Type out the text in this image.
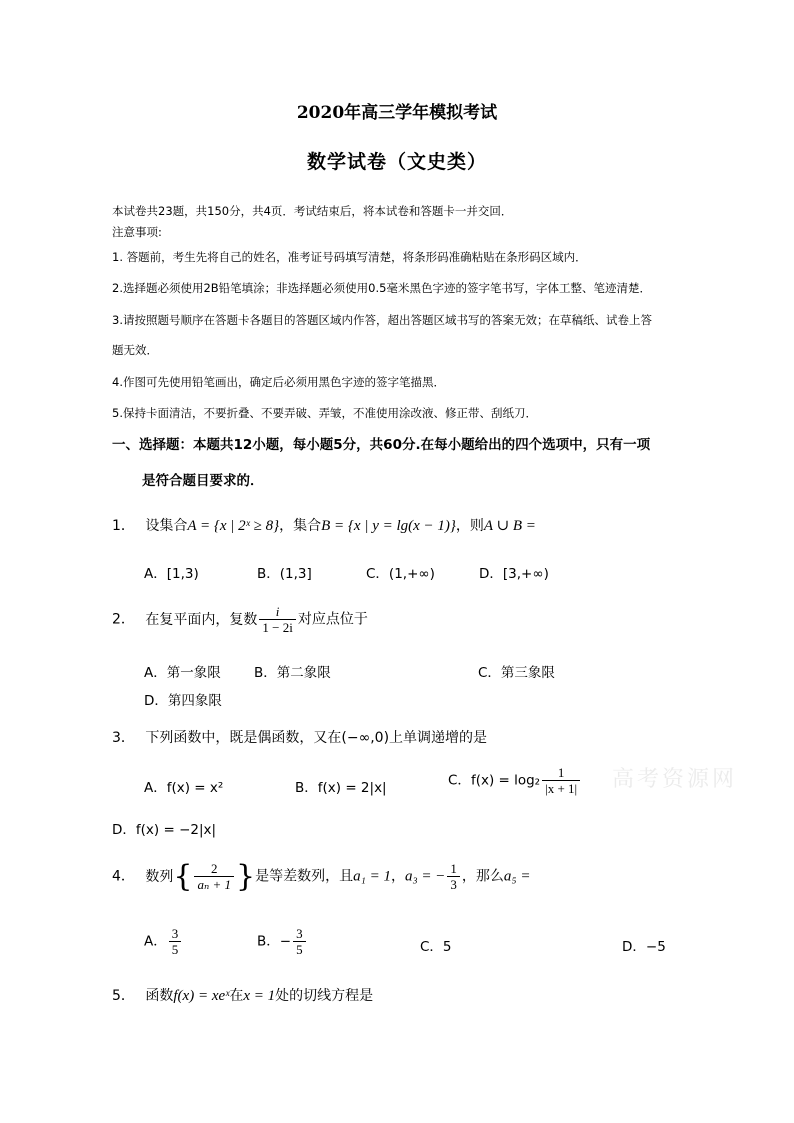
2020年高三学年模拟考试
数学试卷（文史类）
本试卷共23题，共150分，共4页．考试结束后，将本试卷和答题卡一并交回．
注意事项:
1. 答题前，考生先将自己的姓名，准考证号码填写清楚，将条形码准确粘贴在条形码区域内．
2.选择题必须使用2B铅笔填涂；非选择题必须使用0.5毫米黑色字迹的签字笔书写，字体工整、笔迹清楚．
3.请按照题号顺序在答题卡各题目的答题区域内作答，超出答题区域书写的答案无效；在草稿纸、试卷上答
题无效．
4.作图可先使用铅笔画出，确定后必须用黑色字迹的签字笔描黑．
5.保持卡面清洁，不要折叠、不要弄破、弄皱，不准使用涂改液、修正带、刮纸刀．
一、选择题：本题共12小题，每小题5分，共60分.在每小题给出的四个选项中，只有一项
是符合题目要求的．
1． 设集合A = {x | 2ˣ ≥ 8}，集合B = {x | y = lg(x − 1)}，则A ∪ B =
A．[1,3)	B．(1,3]	C．(1,+∞)	D．[3,+∞)
2． 在复平面内，复数 $\frac{i}{1 - 2i}$ 对应点位于
A．第一象限 B．第二象限	C．第三象限
D．第四象限
3． 下列函数中，既是偶函数，又在(−∞,0)上单调递增的是
A．f(x) = x²	B．f(x) = 2|x|	C．$f(x) = \log_2 \frac{1}{|x + 1|}$
D．f(x) = −2|x|
4． 数列{ $\frac{2}{\text{aₙ + 1}}$ }是等差数列，且a₁ = 1，a₃ = − $\frac{1}{3}$ ，那么a₅ =
A． $\frac{3}{5}$	B．− $\frac{3}{5}$	C．5	D．−5
5． 函数f(x) = xeˣ在x = 1处的切线方程是
高考资源网
